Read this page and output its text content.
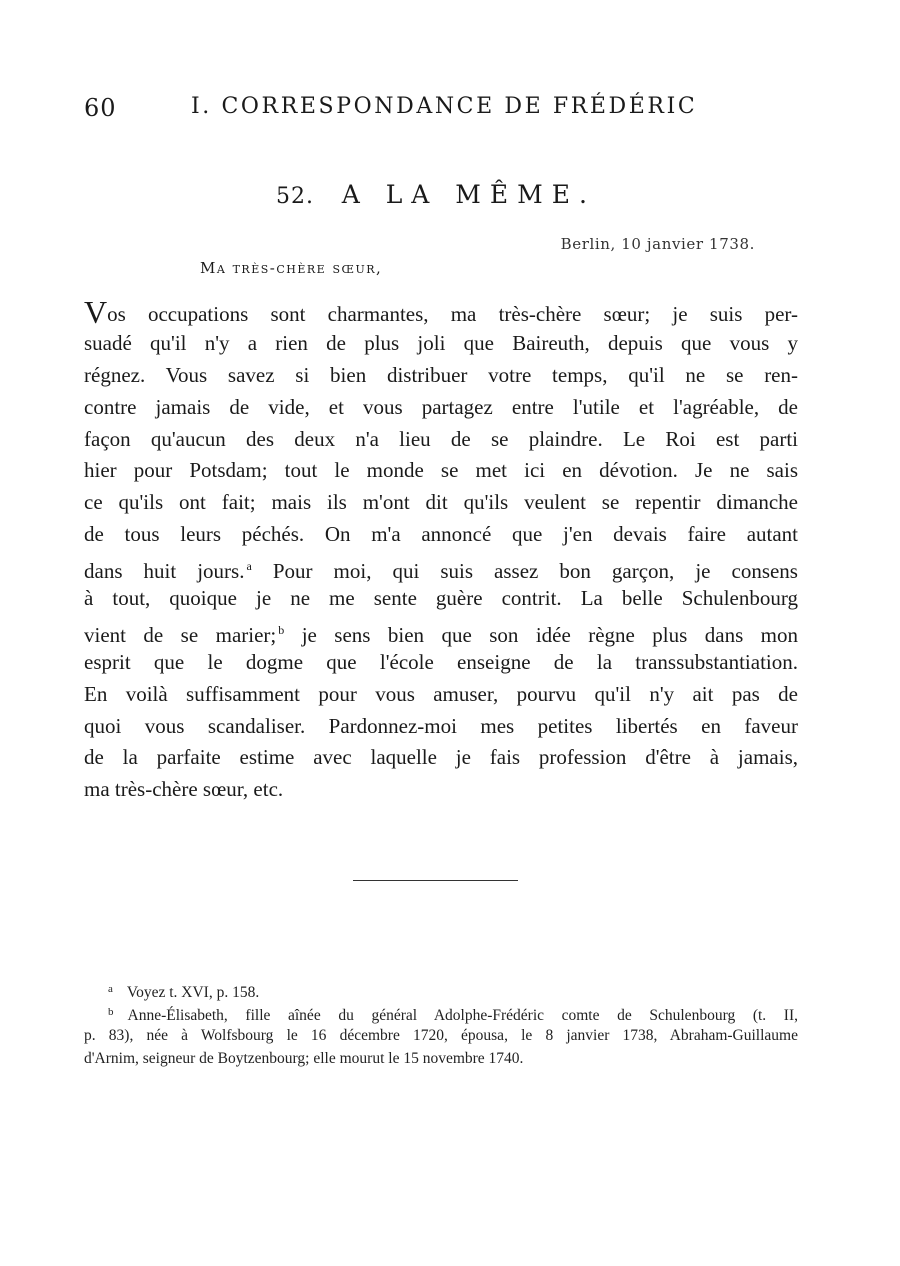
60	I. CORRESPONDANCE DE FRÉDÉRIC
52. A LA MÊME.
Berlin, 10 janvier 1738.
Ma très-chère sœur,
Vos occupations sont charmantes, ma très-chère sœur; je suis per-
suadé qu'il n'y a rien de plus joli que Baireuth, depuis que vous y
régnez. Vous savez si bien distribuer votre temps, qu'il ne se ren-
contre jamais de vide, et vous partagez entre l'utile et l'agréable, de
façon qu'aucun des deux n'a lieu de se plaindre. Le Roi est parti
hier pour Potsdam; tout le monde se met ici en dévotion. Je ne sais
ce qu'ils ont fait; mais ils m'ont dit qu'ils veulent se repentir dimanche
de tous leurs péchés. On m'a annoncé que j'en devais faire autant
dans huit jours. $^a$ Pour moi, qui suis assez bon garçon, je consens
à tout, quoique je ne me sente guère contrit. La belle Schulenbourg
vient de se marier; $^b$ je sens bien que son idée règne plus dans mon
esprit que le dogme que l'école enseigne de la transsubstantiation.
En voilà suffisamment pour vous amuser, pourvu qu'il n'y ait pas de
quoi vous scandaliser. Pardonnez-moi mes petites libertés en faveur
de la parfaite estime avec laquelle je fais profession d'être à jamais,
ma très-chère sœur, etc.
$^a$ Voyez t. XVI, p. 158.
$^b$ Anne-Élisabeth, fille aînée du général Adolphe-Frédéric comte de Schulenbourg (t. II,
p. 83), née à Wolfsbourg le 16 décembre 1720, épousa, le 8 janvier 1738, Abraham-Guillaume
d'Arnim, seigneur de Boytzenbourg; elle mourut le 15 novembre 1740.
